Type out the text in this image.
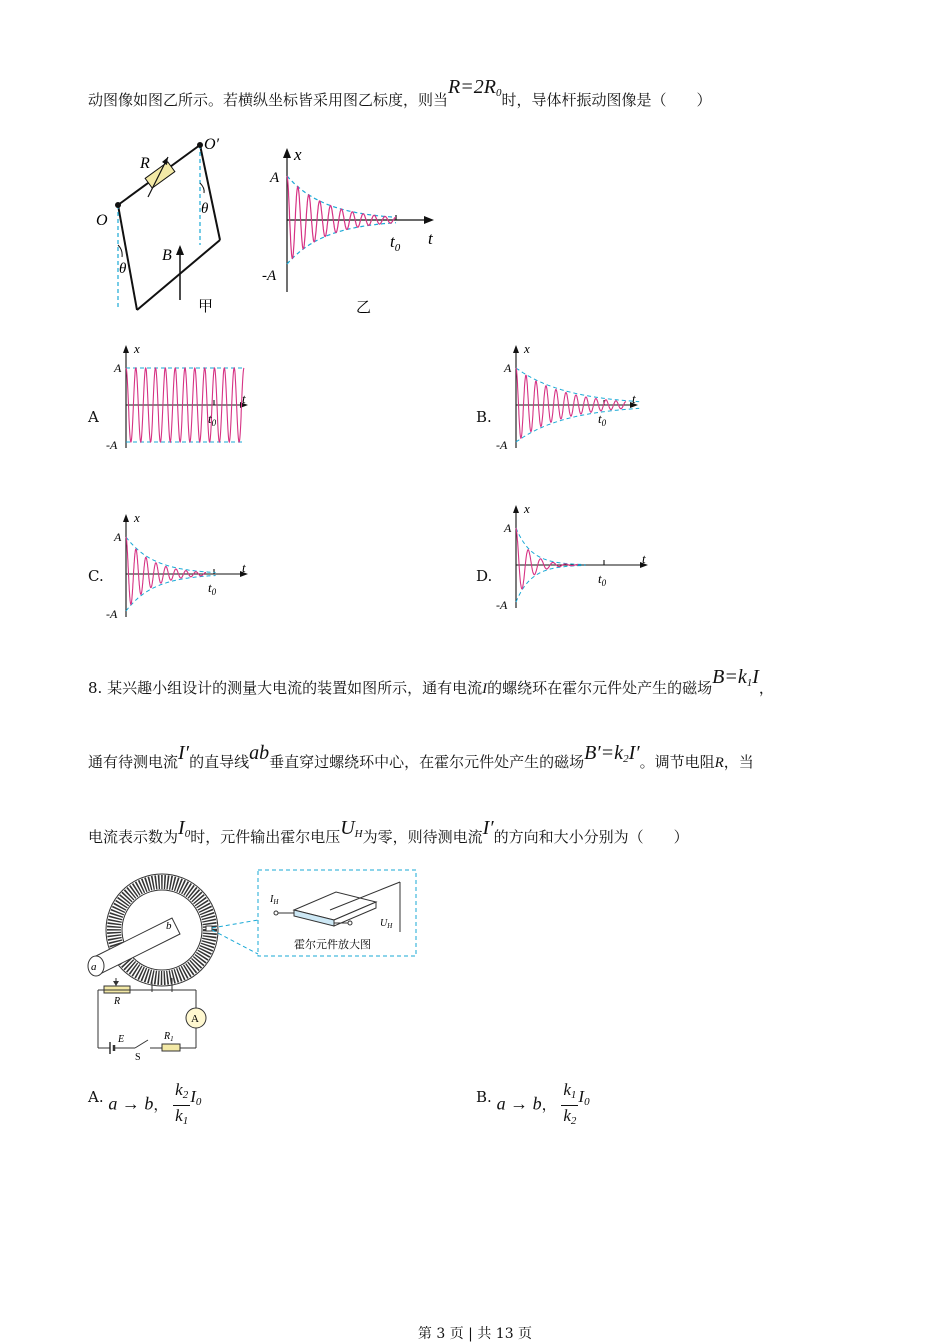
动图像如图乙所示。若横纵坐标皆采用图乙标度，则当$R=2R_0$时，导体杆振动图像是（　　）
R
O
O′
B
θ
θ
甲
x
A
-A
$t_0$ t
乙
A	B.
C.	D.
x
A
-A
t
$t_0$
x
A
-A
t
$t_0$
x
A
-A
t
$t_0$
x
A
-A
t
$t_0$
8. 某兴趣小组设计的测量大电流的装置如图所示，通有电流I的螺绕环在霍尔元件处产生的磁场$B=k_1I$，
通有待测电流I′的直导线ab垂直穿过螺绕环中心，在霍尔元件处产生的磁场$B'=k_2I'$。调节电阻R，当
电流表示数为$I_0$时，元件输出霍尔电压$U_H$为零，则待测电流I′的方向和大小分别为（　　）
a
b
$I_H$
$U_H$
霍尔元件放大图
R
A
E
S
$R_1$
A. a → b， $\frac{k_2}{k_1} I_0$	B. a → b， $\frac{k_1}{k_2} I_0$
第 3 页 | 共 13 页
